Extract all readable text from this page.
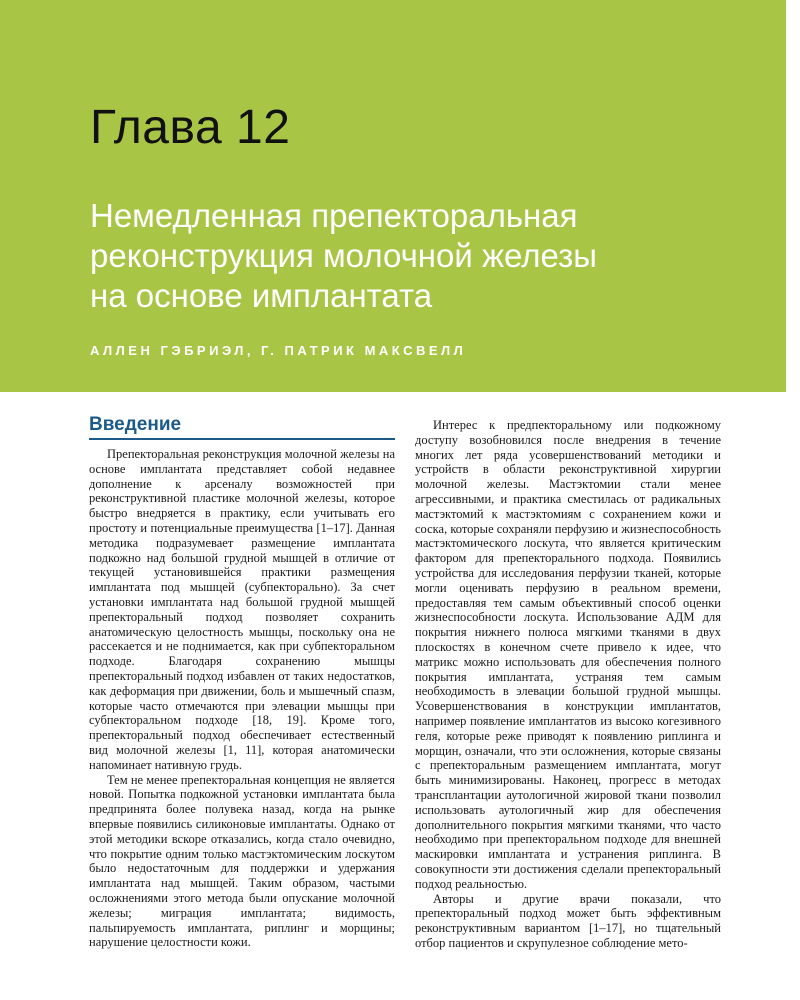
Глава 12
Немедленная препекторальная
реконструкция молочной железы
на основе имплантата
АЛЛЕН ГЭБРИЭЛ, Г. ПАТРИК МАКСВЕЛЛ
Введение

Препекторальная реконструкция молочной железы на основе имплантата представляет собой недавнее дополнение к арсеналу возможностей при реконструктивной пластике молочной железы, которое быстро внедряется в практику, если учитывать его простоту и потенциальные преимущества [1–17]. Данная методика подразумевает размещение имплантата подкожно над большой грудной мышцей в отличие от текущей установившейся практики размещения имплантата под мышцей (субпекторально). За счет установки имплантата над большой грудной мышцей препекторальный подход позволяет сохранить анатомическую целостность мышцы, поскольку она не рассекается и не поднимается, как при субпекторальном подходе. Благодаря сохранению мышцы препекторальный подход избавлен от таких недостатков, как деформация при движении, боль и мышечный спазм, которые часто отмечаются при элевации мышцы при субпекторальном подходе [18, 19]. Кроме того, препекторальный подход обеспечивает естественный вид молочной железы [1, 11], которая анатомически напоминает нативную грудь.

Тем не менее препекторальная концепция не является новой. Попытка подкожной установки имплантата была предпринята более полувека назад, когда на рынке впервые появились силиконовые имплантаты. Однако от этой методики вскоре отказались, когда стало очевидно, что покрытие одним только мастэктомическим лоскутом было недостаточным для поддержки и удержания имплантата над мышцей. Таким образом, частыми осложнениями этого метода были опускание молочной железы; миграция имплантата; видимость, пальпируемость имплантата, риплинг и морщины; нарушение целостности кожи.

Интерес к предпекторальному или подкожному доступу возобновился после внедрения в течение многих лет ряда усовершенствований методики и устройств в области реконструктивной хирургии молочной железы. Мастэктомии стали менее агрессивными, и практика сместилась от радикальных мастэктомий к мастэктомиям с сохранением кожи и соска, которые сохраняли перфузию и жизнеспособность мастэктомического лоскута, что является критическим фактором для препекторального подхода. Появились устройства для исследования перфузии тканей, которые могли оценивать перфузию в реальном времени, предоставляя тем самым объективный способ оценки жизнеспособности лоскута. Использование АДМ для покрытия нижнего полюса мягкими тканями в двух плоскостях в конечном счете привело к идее, что матрикс можно использовать для обеспечения полного покрытия имплантата, устраняя тем самым необходимость в элевации большой грудной мышцы. Усовершенствования в конструкции имплантатов, например появление имплантатов из высоко когезивного геля, которые реже приводят к появлению риплинга и морщин, означали, что эти осложнения, которые связаны с препекторальным размещением имплантата, могут быть минимизированы. Наконец, прогресс в методах трансплантации аутологичной жировой ткани позволил использовать аутологичный жир для обеспечения дополнительного покрытия мягкими тканями, что часто необходимо при препекторальном подходе для внешней маскировки имплантата и устранения риплинга. В совокупности эти достижения сделали препекторальный подход реальностью.

Авторы и другие врачи показали, что препекторальный подход может быть эффективным реконструктивным вариантом [1–17], но тщательный отбор пациентов и скрупулезное соблюдение мето-
